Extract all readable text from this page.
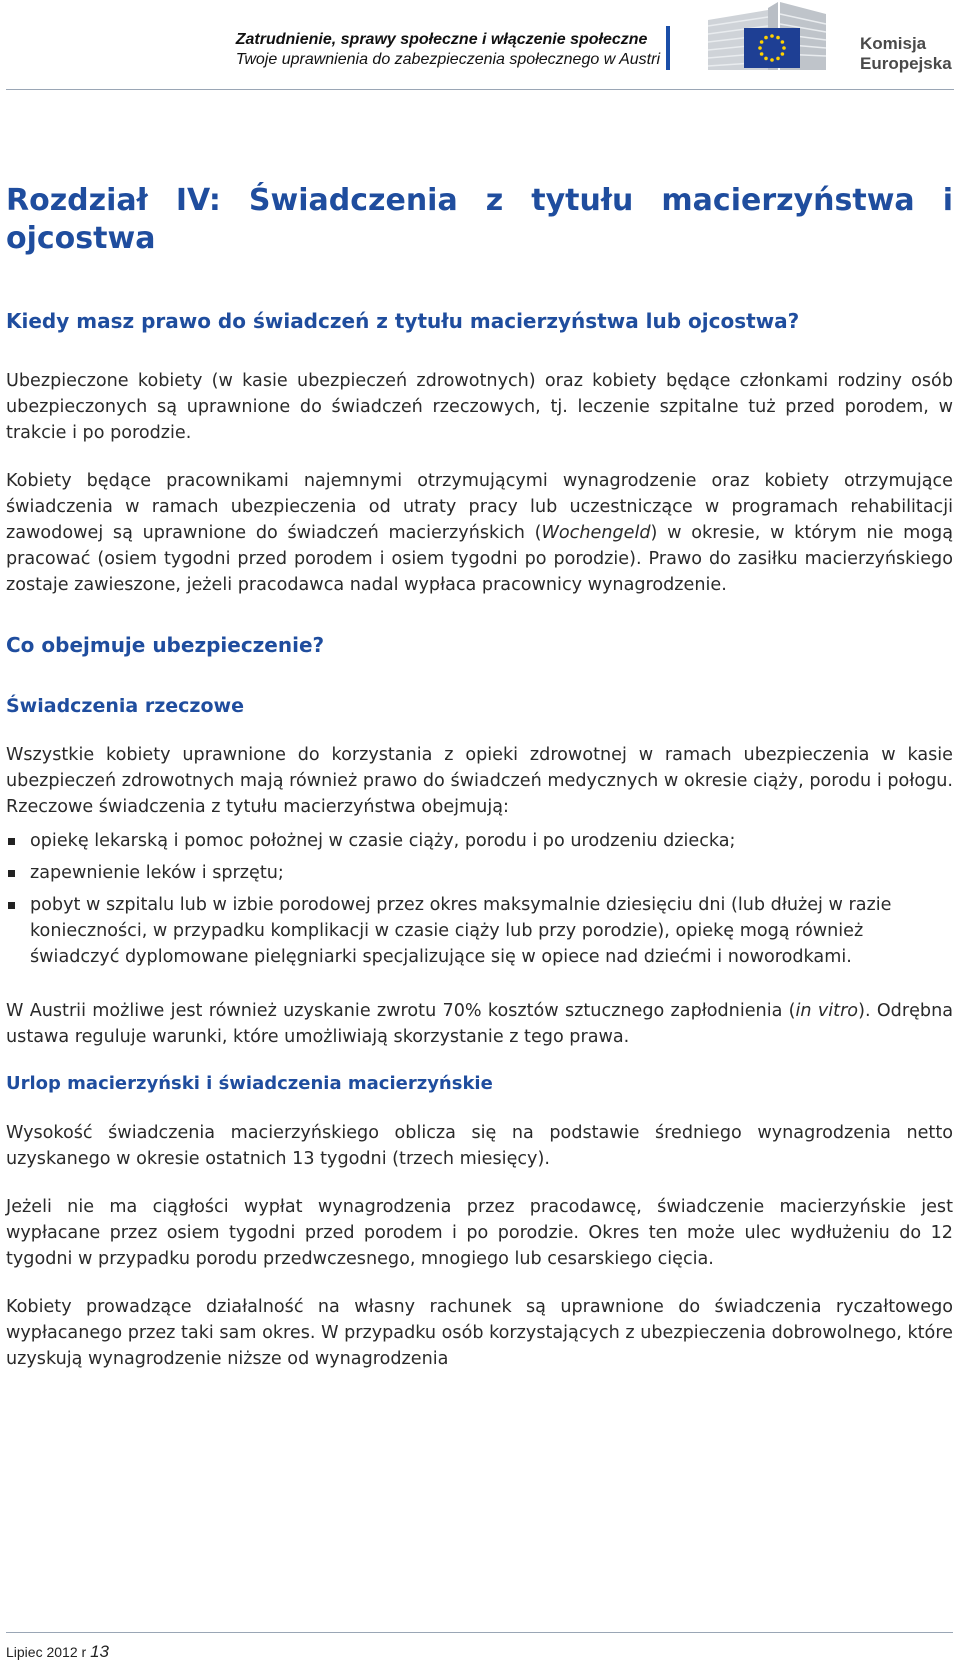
Zatrudnienie, sprawy społeczne i włączenie społeczne
Twoje uprawnienia do zabezpieczenia społecznego w Austri
Komisja
Europejska
Rozdział IV: Świadczenia z tytułu macierzyństwa i ojcostwa
Kiedy masz prawo do świadczeń z tytułu macierzyństwa lub ojcostwa?

Ubezpieczone kobiety (w kasie ubezpieczeń zdrowotnych) oraz kobiety będące członkami rodziny osób ubezpieczonych są uprawnione do świadczeń rzeczowych, tj. leczenie szpitalne tuż przed porodem, w trakcie i po porodzie.

Kobiety będące pracownikami najemnymi otrzymującymi wynagrodzenie oraz kobiety otrzymujące świadczenia w ramach ubezpieczenia od utraty pracy lub uczestniczące w programach rehabilitacji zawodowej są uprawnione do świadczeń macierzyńskich (Wochengeld) w okresie, w którym nie mogą pracować (osiem tygodni przed porodem i osiem tygodni po porodzie). Prawo do zasiłku macierzyńskiego zostaje zawieszone, jeżeli pracodawca nadal wypłaca pracownicy wynagrodzenie.

Co obejmuje ubezpieczenie?
Świadczenia rzeczowe

Wszystkie kobiety uprawnione do korzystania z opieki zdrowotnej w ramach ubezpieczenia w kasie ubezpieczeń zdrowotnych mają również prawo do świadczeń medycznych w okresie ciąży, porodu i połogu. Rzeczowe świadczenia z tytułu macierzyństwa obejmują:

opiekę lekarską i pomoc położnej w czasie ciąży, porodu i po urodzeniu dziecka;
zapewnienie leków i sprzętu;
pobyt w szpitalu lub w izbie porodowej przez okres maksymalnie dziesięciu dni (lub dłużej w razie konieczności, w przypadku komplikacji w czasie ciąży lub przy porodzie), opiekę mogą również świadczyć dyplomowane pielęgniarki specjalizujące się w opiece nad dziećmi i noworodkami.

W Austrii możliwe jest również uzyskanie zwrotu 70% kosztów sztucznego zapłodnienia (in vitro). Odrębna ustawa reguluje warunki, które umożliwiają skorzystanie z tego prawa.

Urlop macierzyński i świadczenia macierzyńskie

Wysokość świadczenia macierzyńskiego oblicza się na podstawie średniego wynagrodzenia netto uzyskanego w okresie ostatnich 13 tygodni (trzech miesięcy).

Jeżeli nie ma ciągłości wypłat wynagrodzenia przez pracodawcę, świadczenie macierzyńskie jest wypłacane przez osiem tygodni przed porodem i po porodzie. Okres ten może ulec wydłużeniu do 12 tygodni w przypadku porodu przedwczesnego, mnogiego lub cesarskiego cięcia.

Kobiety prowadzące działalność na własny rachunek są uprawnione do świadczenia ryczałtowego wypłacanego przez taki sam okres. W przypadku osób korzystających z ubezpieczenia dobrowolnego, które uzyskują wynagrodzenie niższe od wynagrodzenia

Lipiec 2012 r 13
